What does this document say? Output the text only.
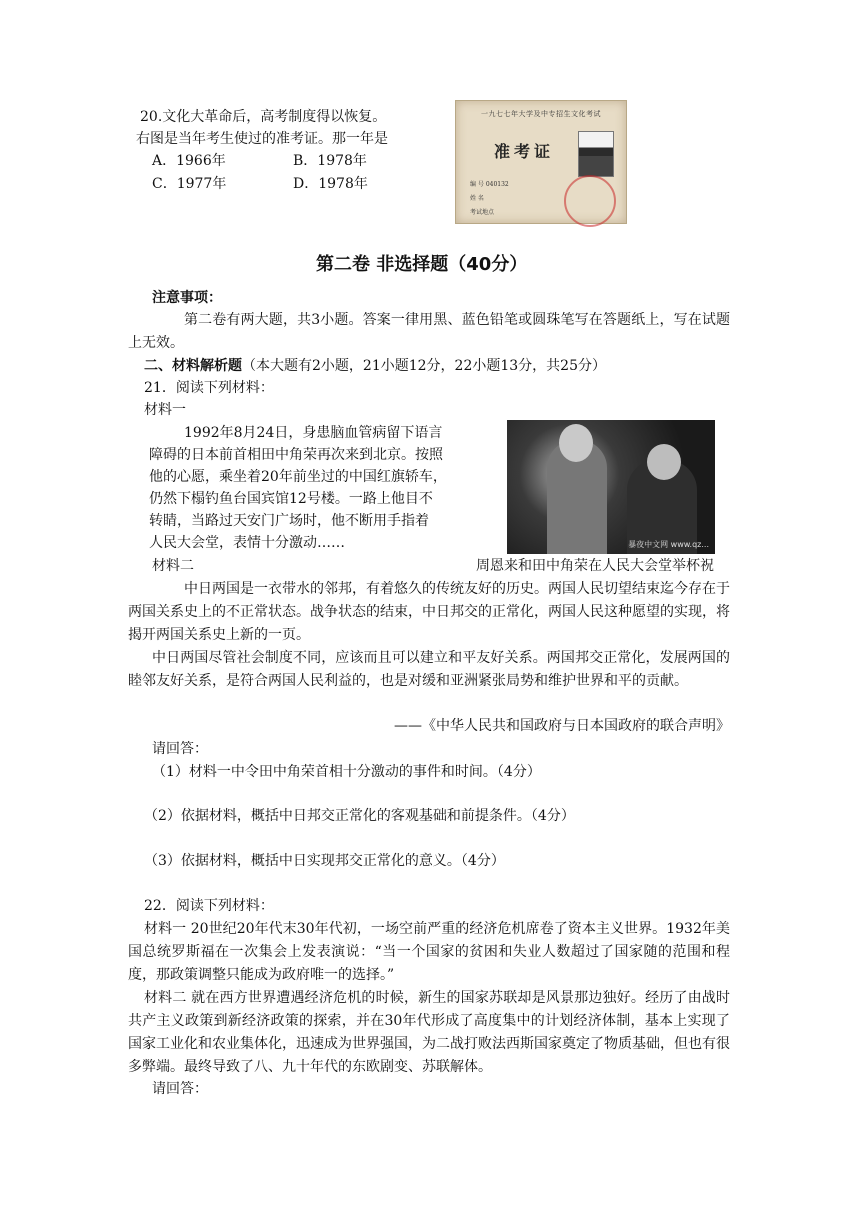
20.文化大革命后，高考制度得以恢复。
右图是当年考生使过的准考证。那一年是
A．1966年	B．1978年
C．1977年	D．1978年
一九七七年大学及中专招生文化考试
准考证
编 号 040132
姓 名
考试地点
第二卷 非选择题（40分）
注意事项：
第二卷有两大题，共3小题。答案一律用黑、蓝色铅笔或圆珠笔写在答题纸上，写在试题上无效。
二、材料解析题（本大题有2小题，21小题12分，22小题13分，共25分）
21．阅读下列材料：
材料一
1992年8月24日，身患脑血管病留下语言
障碍的日本前首相田中角荣再次来到北京。按照
他的心愿，乘坐着20年前坐过的中国红旗轿车，
仍然下榻钓鱼台国宾馆12号楼。一路上他目不
转睛，当路过天安门广场时，他不断用手指着
人民大会堂，表情十分激动……	暴夜中文网 www.qz...
材料二	周恩来和田中角荣在人民大会堂举杯祝
中日两国是一衣带水的邻邦，有着悠久的传统友好的历史。两国人民切望结束迄今存在于两国关系史上的不正常状态。战争状态的结束，中日邦交的正常化，两国人民这种愿望的实现，将揭开两国关系史上新的一页。
中日两国尽管社会制度不同，应该而且可以建立和平友好关系。两国邦交正常化，发展两国的睦邻友好关系，是符合两国人民利益的，也是对缓和亚洲紧张局势和维护世界和平的贡献。
——《中华人民共和国政府与日本国政府的联合声明》
请回答：
（1）材料一中令田中角荣首相十分激动的事件和时间。（4分）
（2）依据材料，概括中日邦交正常化的客观基础和前提条件。（4分）
（3）依据材料，概括中日实现邦交正常化的意义。（4分）
22．阅读下列材料：
材料一 20世纪20年代末30年代初，一场空前严重的经济危机席卷了资本主义世界。1932年美国总统罗斯福在一次集会上发表演说：“当一个国家的贫困和失业人数超过了国家随的范围和程度，那政策调整只能成为政府唯一的选择。”
材料二 就在西方世界遭遇经济危机的时候，新生的国家苏联却是风景那边独好。经历了由战时共产主义政策到新经济政策的探索，并在30年代形成了高度集中的计划经济体制，基本上实现了国家工业化和农业集体化，迅速成为世界强国，为二战打败法西斯国家奠定了物质基础，但也有很多弊端。最终导致了八、九十年代的东欧剧变、苏联解体。
请回答：
